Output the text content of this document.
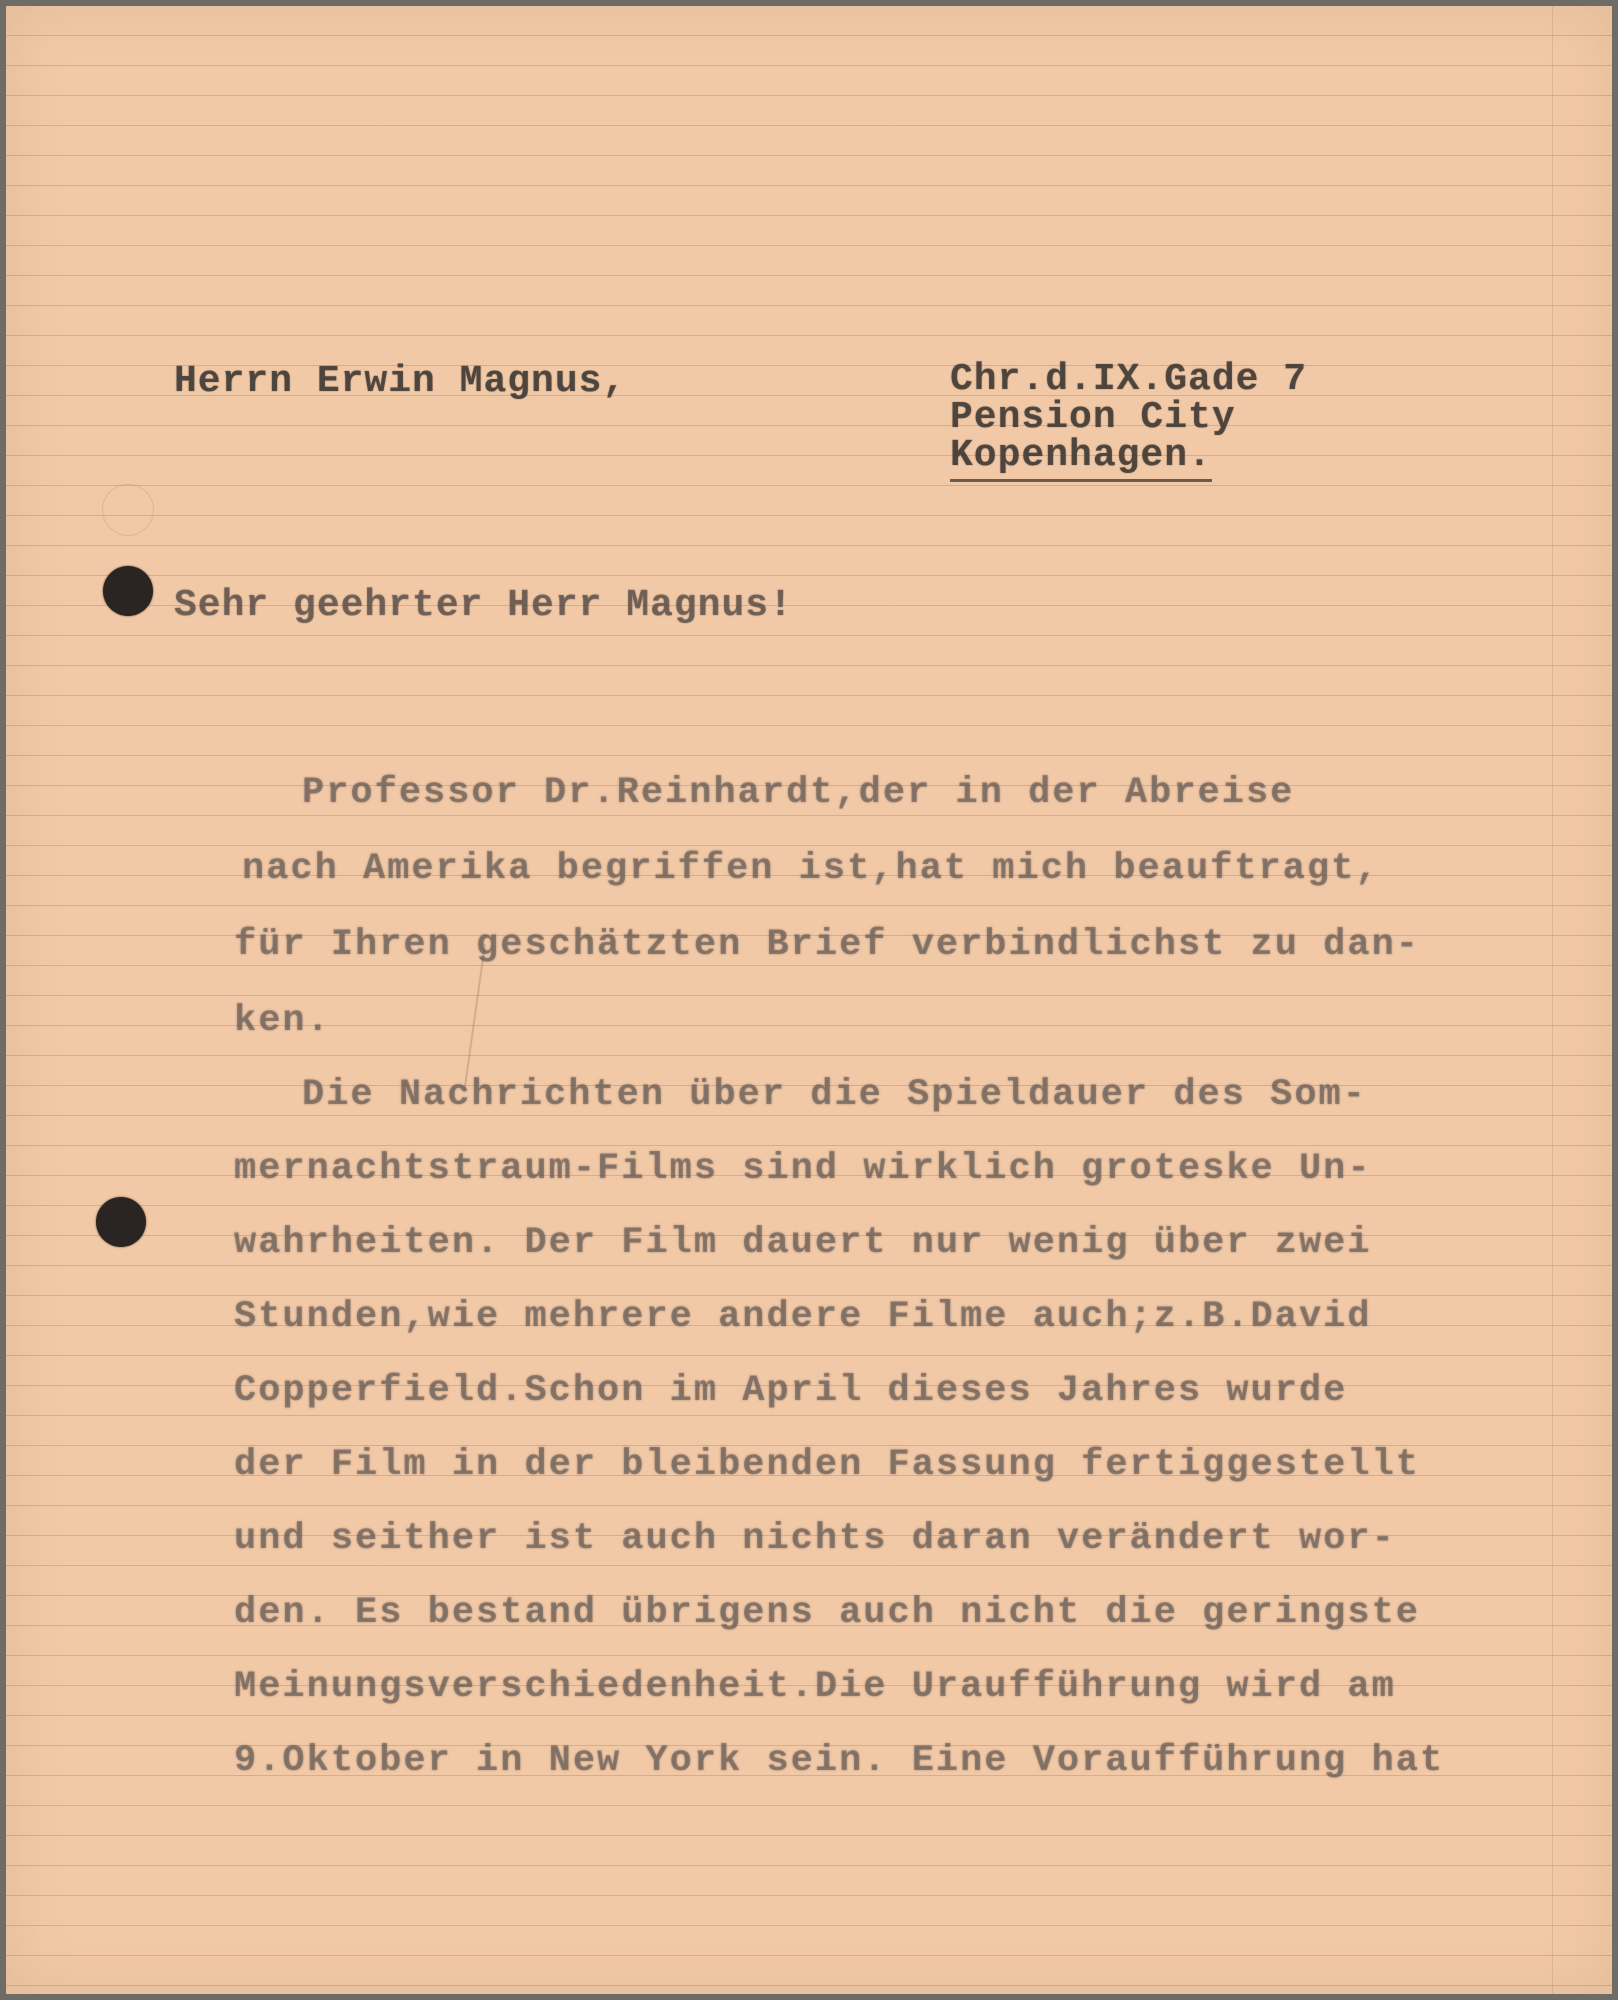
Herrn Erwin Magnus,	Chr.d.IX.Gade 7
Pension City
Kopenhagen.
Sehr geehrter Herr Magnus!
Professor Dr.Reinhardt,der in der Abreise
nach Amerika begriffen ist,hat mich beauftragt,
für Ihren geschätzten Brief verbindlichst zu dan-
ken.
Die Nachrichten über die Spieldauer des Som-
mernachtstraum-Films sind wirklich groteske Un-
wahrheiten. Der Film dauert nur wenig über zwei
Stunden,wie mehrere andere Filme auch;z.B.David
Copperfield.Schon im April dieses Jahres wurde
der Film in der bleibenden Fassung fertiggestellt
und seither ist auch nichts daran verändert wor-
den. Es bestand übrigens auch nicht die geringste
Meinungsverschiedenheit.Die Uraufführung wird am
9.Oktober in New York sein. Eine Voraufführung hat
